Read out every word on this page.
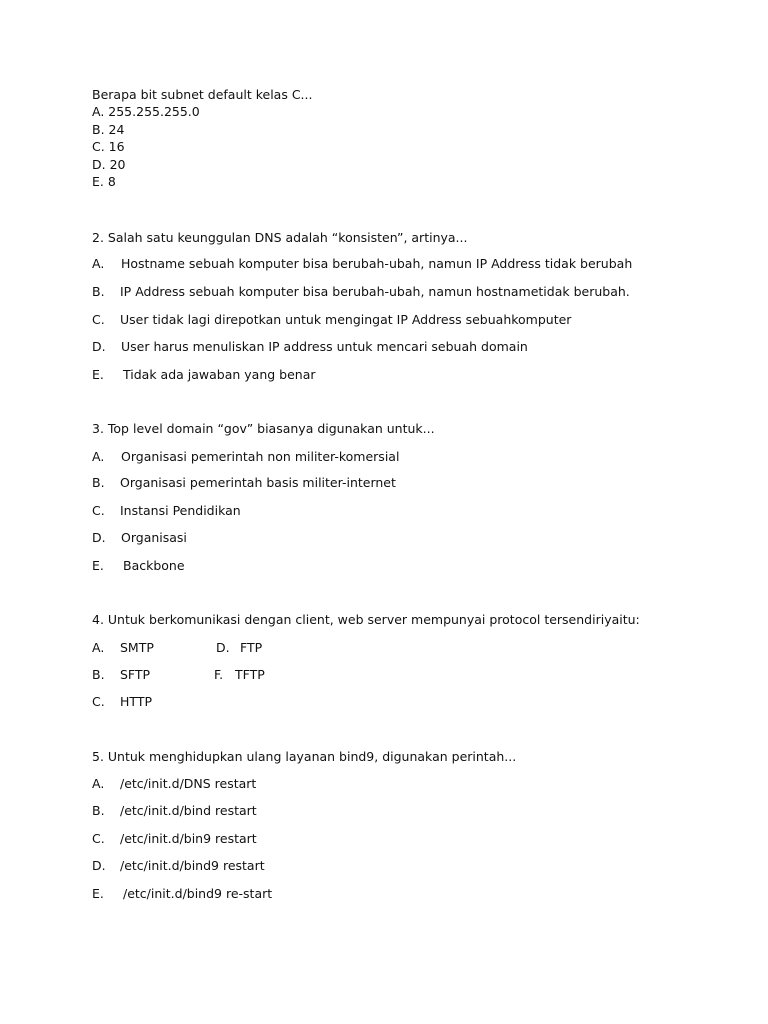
Berapa bit subnet default kelas C...
A. 255.255.255.0
B. 24
C. 16
D. 20
E. 8
2. Salah satu keunggulan DNS adalah “konsisten”, artinya...
A. Hostname sebuah komputer bisa berubah-ubah, namun IP Address tidak berubah
B. IP Address sebuah komputer bisa berubah-ubah, namun hostnametidak berubah.
C. User tidak lagi direpotkan untuk mengingat IP Address sebuahkomputer
D. User harus menuliskan IP address untuk mencari sebuah domain
E. Tidak ada jawaban yang benar
3. Top level domain “gov” biasanya digunakan untuk...
A. Organisasi pemerintah non militer-komersial
B. Organisasi pemerintah basis militer-internet
C. Instansi Pendidikan
D. Organisasi
E. Backbone
4. Untuk berkomunikasi dengan client, web server mempunyai protocol tersendiriyaitu:
A. SMTP	D. FTP
B. SFTP	F. TFTP
C. HTTP
5. Untuk menghidupkan ulang layanan bind9, digunakan perintah...
A. /etc/init.d/DNS restart
B. /etc/init.d/bind restart
C. /etc/init.d/bin9 restart
D. /etc/init.d/bind9 restart
E. /etc/init.d/bind9 re-start
